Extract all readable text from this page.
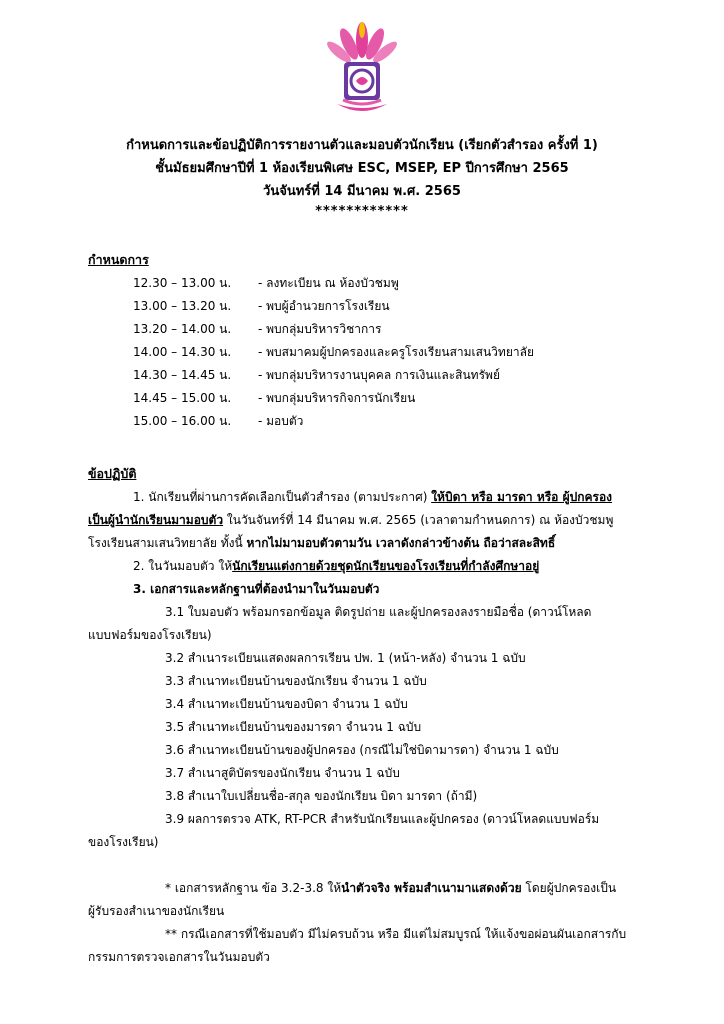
กำหนดการและข้อปฏิบัติการรายงานตัวและมอบตัวนักเรียน (เรียกตัวสำรอง ครั้งที่ 1)
ชั้นมัธยมศึกษาปีที่ 1 ห้องเรียนพิเศษ ESC, MSEP, EP ปีการศึกษา 2565
วันจันทร์ที่ 14 มีนาคม พ.ศ. 2565
************
กำหนดการ
12.30 – 13.00 น. - ลงทะเบียน ณ ห้องบัวชมพู
13.00 – 13.20 น. - พบผู้อำนวยการโรงเรียน
13.20 – 14.00 น. - พบกลุ่มบริหารวิชาการ
14.00 – 14.30 น. - พบสมาคมผู้ปกครองและครูโรงเรียนสามเสนวิทยาลัย
14.30 – 14.45 น. - พบกลุ่มบริหารงานบุคคล การเงินและสินทรัพย์
14.45 – 15.00 น. - พบกลุ่มบริหารกิจการนักเรียน
15.00 – 16.00 น. - มอบตัว
ข้อปฏิบัติ
1. นักเรียนที่ผ่านการคัดเลือกเป็นตัวสำรอง (ตามประกาศ) ให้บิดา หรือ มารดา หรือ ผู้ปกครอง
เป็นผู้นำนักเรียนมามอบตัว ในวันจันทร์ที่ 14 มีนาคม พ.ศ. 2565 (เวลาตามกำหนดการ) ณ ห้องบัวชมพู
โรงเรียนสามเสนวิทยาลัย ทั้งนี้ หากไม่มามอบตัวตามวัน เวลาดังกล่าวข้างต้น ถือว่าสละสิทธิ์
2. ในวันมอบตัว ให้นักเรียนแต่งกายด้วยชุดนักเรียนของโรงเรียนที่กำลังศึกษาอยู่
3. เอกสารและหลักฐานที่ต้องนำมาในวันมอบตัว
3.1 ใบมอบตัว พร้อมกรอกข้อมูล ติดรูปถ่าย และผู้ปกครองลงรายมือชื่อ (ดาวน์โหลด
แบบฟอร์มของโรงเรียน)
3.2 สำเนาระเบียนแสดงผลการเรียน ปพ. 1 (หน้า-หลัง) จำนวน 1 ฉบับ
3.3 สำเนาทะเบียนบ้านของนักเรียน จำนวน 1 ฉบับ
3.4 สำเนาทะเบียนบ้านของบิดา จำนวน 1 ฉบับ
3.5 สำเนาทะเบียนบ้านของมารดา จำนวน 1 ฉบับ
3.6 สำเนาทะเบียนบ้านของผู้ปกครอง (กรณีไม่ใช่บิดามารดา) จำนวน 1 ฉบับ
3.7 สำเนาสูติบัตรของนักเรียน จำนวน 1 ฉบับ
3.8 สำเนาใบเปลี่ยนชื่อ-สกุล ของนักเรียน บิดา มารดา (ถ้ามี)
3.9 ผลการตรวจ ATK, RT-PCR สำหรับนักเรียนและผู้ปกครอง (ดาวน์โหลดแบบฟอร์ม
ของโรงเรียน)
* เอกสารหลักฐาน ข้อ 3.2-3.8 ให้นำตัวจริง พร้อมสำเนามาแสดงด้วย โดยผู้ปกครองเป็น
ผู้รับรองสำเนาของนักเรียน
** กรณีเอกสารที่ใช้มอบตัว มีไม่ครบถ้วน หรือ มีแต่ไม่สมบูรณ์ ให้แจ้งขอผ่อนผันเอกสารกับ
กรรมการตรวจเอกสารในวันมอบตัว
